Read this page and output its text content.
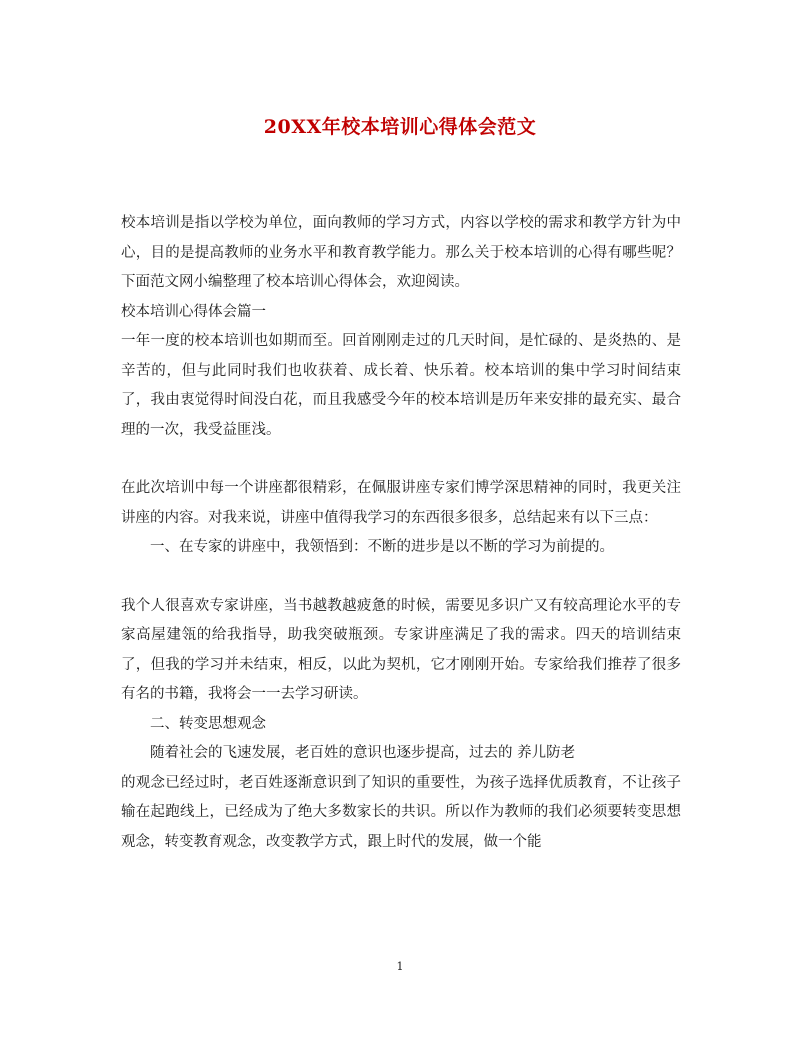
20XX年校本培训心得体会范文

校本培训是指以学校为单位，面向教师的学习方式，内容以学校的需求和教学方针为中心，目的是提高教师的业务水平和教育教学能力。那么关于校本培训的心得有哪些呢？下面范文网小编整理了校本培训心得体会，欢迎阅读。

校本培训心得体会篇一

一年一度的校本培训也如期而至。回首刚刚走过的几天时间，是忙碌的、是炎热的、是辛苦的，但与此同时我们也收获着、成长着、快乐着。校本培训的集中学习时间结束了，我由衷觉得时间没白花，而且我感受今年的校本培训是历年来安排的最充实、最合理的一次，我受益匪浅。

在此次培训中每一个讲座都很精彩，在佩服讲座专家们博学深思精神的同时，我更关注讲座的内容。对我来说，讲座中值得我学习的东西很多很多，总结起来有以下三点：

一、在专家的讲座中，我领悟到：不断的进步是以不断的学习为前提的。

我个人很喜欢专家讲座，当书越教越疲惫的时候，需要见多识广又有较高理论水平的专家高屋建瓴的给我指导，助我突破瓶颈。专家讲座满足了我的需求。四天的培训结束了，但我的学习并未结束，相反，以此为契机，它才刚刚开始。专家给我们推荐了很多有名的书籍，我将会一一去学习研读。

二、转变思想观念

随着社会的飞速发展，老百姓的意识也逐步提高，过去的 养儿防老

的观念已经过时，老百姓逐渐意识到了知识的重要性，为孩子选择优质教育，不让孩子输在起跑线上，已经成为了绝大多数家长的共识。所以作为教师的我们必须要转变思想观念，转变教育观念，改变教学方式，跟上时代的发展，做一个能

1
